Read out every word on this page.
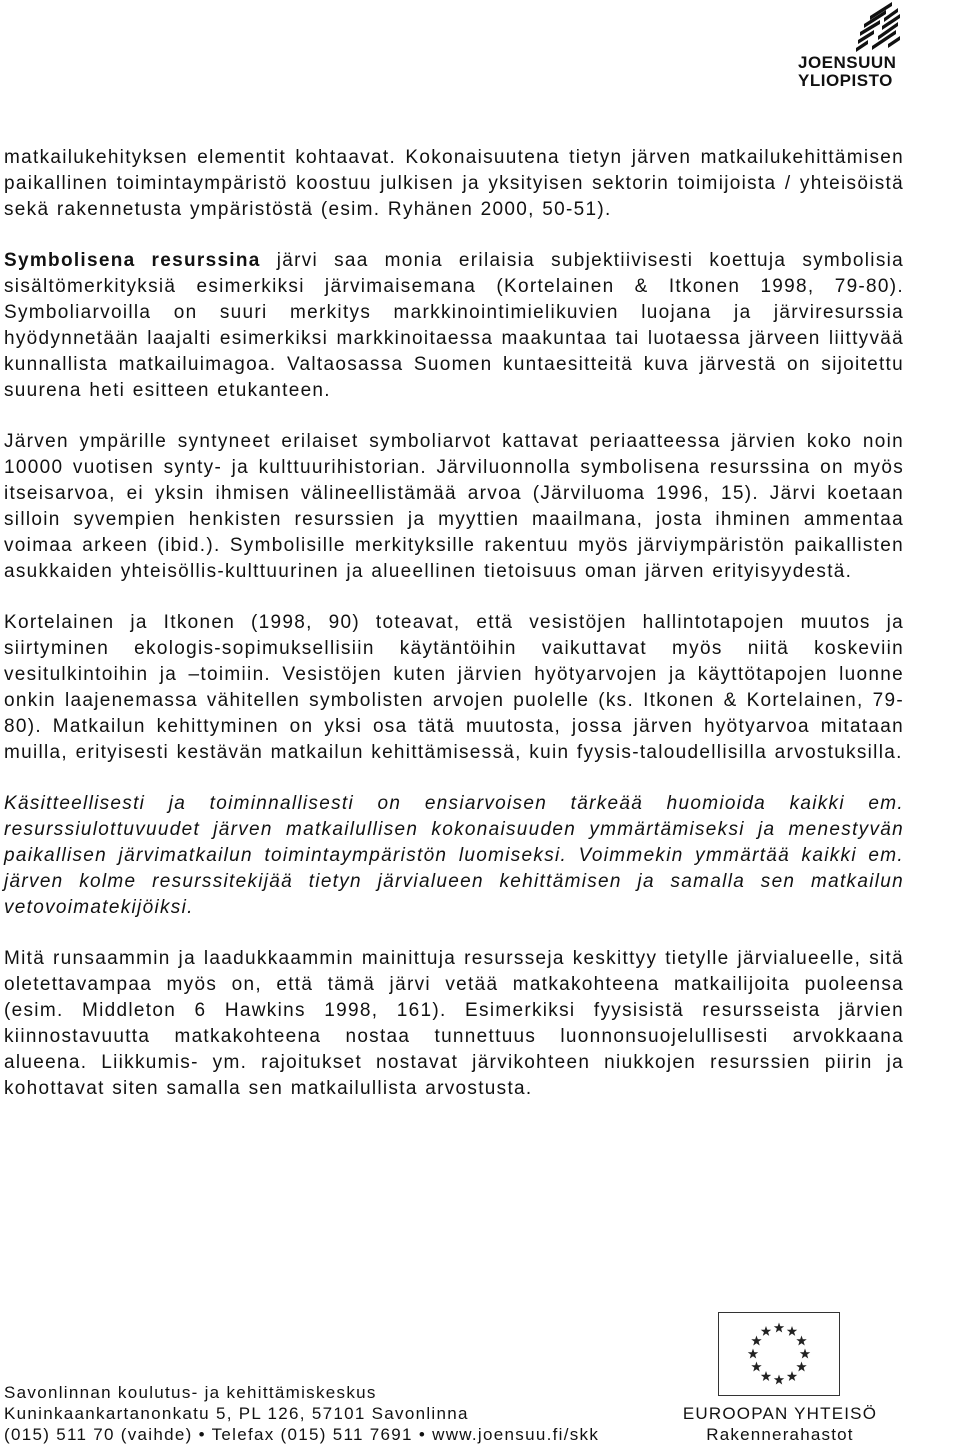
JOENSUUN
YLIOPISTO

matkailukehityksen elementit kohtaavat. Kokonaisuutena tietyn järven matkailukehittämisen paikallinen toimintaympäristö koostuu julkisen ja yksityisen sektorin toimijoista / yhteisöistä sekä rakennetusta ympäristöstä (esim. Ryhänen 2000, 50-51).

Symbolisena resurssina järvi saa monia erilaisia subjektiivisesti koettuja symbolisia sisältömerkityksiä esimerkiksi järvimaisemana (Kortelainen & Itkonen 1998, 79-80). Symboliarvoilla on suuri merkitys markkinointimielikuvien luojana ja järviresurssia hyödynnetään laajalti esimerkiksi markkinoitaessa maakuntaa tai luotaessa järveen liittyvää kunnallista matkailuimagoa. Valtaosassa Suomen kuntaesitteitä kuva järvestä on sijoitettu suurena heti esitteen etukanteen.

Järven ympärille syntyneet erilaiset symboliarvot kattavat periaatteessa järvien koko noin 10000 vuotisen synty- ja kulttuurihistorian. Järviluonnolla symbolisena resurssina on myös itseisarvoa, ei yksin ihmisen välineellistämää arvoa (Järviluoma 1996, 15). Järvi koetaan silloin syvempien henkisten resurssien ja myyttien maailmana, josta ihminen ammentaa voimaa arkeen (ibid.). Symbolisille merkityksille rakentuu myös järviympäristön paikallisten asukkaiden yhteisöllis-kulttuurinen ja alueellinen tietoisuus oman järven erityisyydestä.

Kortelainen ja Itkonen (1998, 90) toteavat, että vesistöjen hallintotapojen muutos ja siirtyminen ekologis-sopimuksellisiin käytäntöihin vaikuttavat myös niitä koskeviin vesitulkintoihin ja –toimiin. Vesistöjen kuten järvien hyötyarvojen ja käyttötapojen luonne onkin laajenemassa vähitellen symbolisten arvojen puolelle (ks. Itkonen & Kortelainen, 79-80). Matkailun kehittyminen on yksi osa tätä muutosta, jossa järven hyötyarvoa mitataan muilla, erityisesti kestävän matkailun kehittämisessä, kuin fyysis-taloudellisilla arvostuksilla.

Käsitteellisesti ja toiminnallisesti on ensiarvoisen tärkeää huomioida kaikki em. resurssiulottuvuudet järven matkailullisen kokonaisuuden ymmärtämiseksi ja menestyvän paikallisen järvimatkailun toimintaympäristön luomiseksi. Voimmekin ymmärtää kaikki em. järven kolme resurssitekijää tietyn järvialueen kehittämisen ja samalla sen matkailun vetovoimatekijöiksi.

Mitä runsaammin ja laadukkaammin mainittuja resursseja keskittyy tietylle järvialueelle, sitä oletettavampaa myös on, että tämä järvi vetää matkakohteena matkailijoita puoleensa (esim. Middleton 6 Hawkins 1998, 161). Esimerkiksi fyysisistä resursseista järvien kiinnostavuutta matkakohteena nostaa tunnettuus luonnonsuojelullisesti arvokkaana alueena. Liikkumis- ym. rajoitukset nostavat järvikohteen niukkojen resurssien piirin ja kohottavat siten samalla sen matkailullista arvostusta.

Savonlinnan koulutus- ja kehittämiskeskus
Kuninkaankartanonkatu 5, PL 126, 57101 Savonlinna
(015) 511 70 (vaihde) • Telefax (015) 511 7691 • www.joensuu.fi/skk
EUROOPAN YHTEISÖ
Rakennerahastot
